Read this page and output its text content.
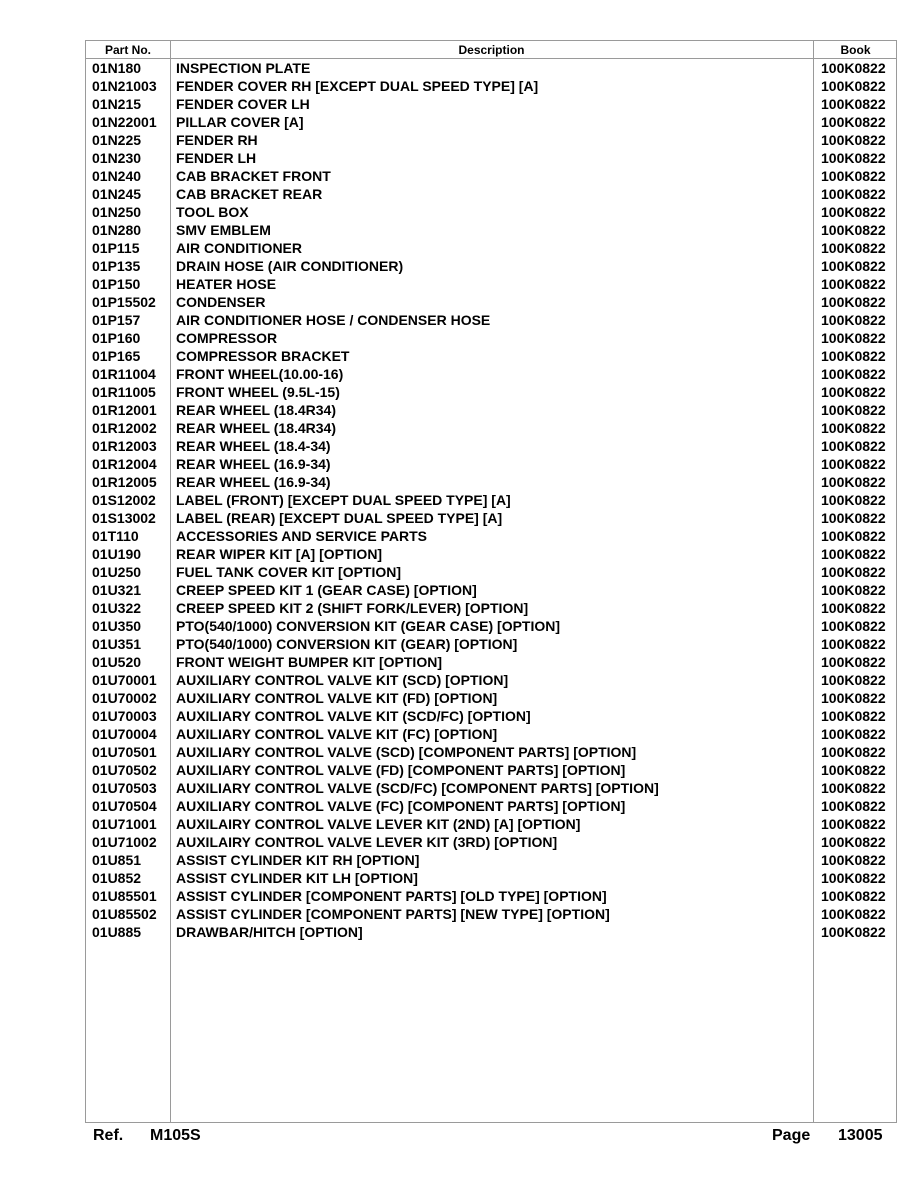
Part No.	Description	Book
01N180 INSPECTION PLATE	100K0822
01N21003 FENDER COVER RH [EXCEPT DUAL SPEED TYPE] [A]	100K0822
01N215 FENDER COVER LH	100K0822
01N22001 PILLAR COVER [A]	100K0822
01N225 FENDER RH	100K0822
01N230 FENDER LH	100K0822
01N240 CAB BRACKET FRONT	100K0822
01N245 CAB BRACKET REAR	100K0822
01N250 TOOL BOX	100K0822
01N280 SMV EMBLEM	100K0822
01P115	AIR CONDITIONER	100K0822
01P135	DRAIN HOSE (AIR CONDITIONER)	100K0822
01P150	HEATER HOSE	100K0822
01P15502 CONDENSER	100K0822
01P157	AIR CONDITIONER HOSE / CONDENSER HOSE	100K0822
01P160	COMPRESSOR	100K0822
01P165	COMPRESSOR BRACKET	100K0822
01R11004 FRONT WHEEL(10.00-16)	100K0822
01R11005 FRONT WHEEL (9.5L-15)	100K0822
01R12001 REAR WHEEL (18.4R34)	100K0822
01R12002 REAR WHEEL (18.4R34)	100K0822
01R12003 REAR WHEEL (18.4-34)	100K0822
01R12004 REAR WHEEL (16.9-34)	100K0822
01R12005 REAR WHEEL (16.9-34)	100K0822
01S12002 LABEL (FRONT) [EXCEPT DUAL SPEED TYPE] [A]	100K0822
01S13002 LABEL (REAR) [EXCEPT DUAL SPEED TYPE] [A]	100K0822
01T110	ACCESSORIES AND SERVICE PARTS	100K0822
01U190 REAR WIPER KIT [A] [OPTION]	100K0822
01U250 FUEL TANK COVER KIT [OPTION]	100K0822
01U321 CREEP SPEED KIT 1 (GEAR CASE) [OPTION]	100K0822
01U322 CREEP SPEED KIT 2 (SHIFT FORK/LEVER) [OPTION]	100K0822
01U350 PTO(540/1000) CONVERSION KIT (GEAR CASE) [OPTION]	100K0822
01U351 PTO(540/1000) CONVERSION KIT (GEAR) [OPTION]	100K0822
01U520 FRONT WEIGHT BUMPER KIT [OPTION]	100K0822
01U70001 AUXILIARY CONTROL VALVE KIT (SCD) [OPTION]	100K0822
01U70002 AUXILIARY CONTROL VALVE KIT (FD) [OPTION]	100K0822
01U70003 AUXILIARY CONTROL VALVE KIT (SCD/FC) [OPTION]	100K0822
01U70004 AUXILIARY CONTROL VALVE KIT (FC) [OPTION]	100K0822
01U70501 AUXILIARY CONTROL VALVE (SCD) [COMPONENT PARTS] [OPTION]	100K0822
01U70502 AUXILIARY CONTROL VALVE (FD) [COMPONENT PARTS] [OPTION]	100K0822
01U70503 AUXILIARY CONTROL VALVE (SCD/FC) [COMPONENT PARTS] [OPTION]	100K0822
01U70504 AUXILIARY CONTROL VALVE (FC) [COMPONENT PARTS] [OPTION]	100K0822
01U71001 AUXILAIRY CONTROL VALVE LEVER KIT (2ND) [A] [OPTION]	100K0822
01U71002 AUXILAIRY CONTROL VALVE LEVER KIT (3RD) [OPTION]	100K0822
01U851 ASSIST CYLINDER KIT RH [OPTION]	100K0822
01U852 ASSIST CYLINDER KIT LH [OPTION]	100K0822
01U85501 ASSIST CYLINDER [COMPONENT PARTS] [OLD TYPE] [OPTION]	100K0822
01U85502 ASSIST CYLINDER [COMPONENT PARTS] [NEW TYPE] [OPTION]	100K0822
01U885 DRAWBAR/HITCH [OPTION]	100K0822
Ref. M105S	Page 13005
